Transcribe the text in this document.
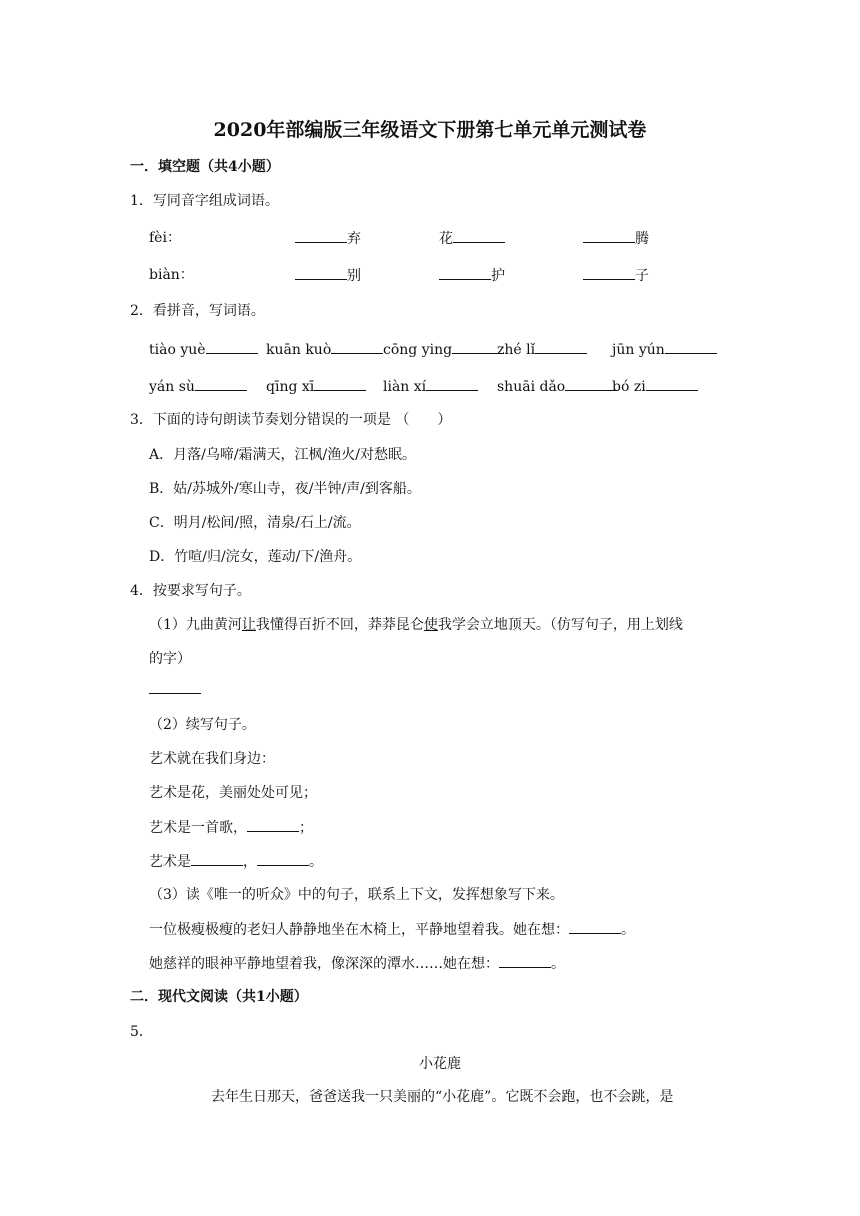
2020年部编版三年级语文下册第七单元单元测试卷
一．填空题（共4小题）
1．写同音字组成词语。
fèi：	弃	花	腾
biàn：	别	护	子
2．看拼音，写词语。
tiào yuè	kuān kuò	cōng ying	zhé lǐ	jūn yún
yán sù	qīng xī	liàn xí	shuāi dǎo	bó zi
3．下面的诗句朗读节奏划分错误的一项是 （　　）
A．月落/乌啼/霜满天，江枫/渔火/对愁眠。
B．姑/苏城外/寒山寺，夜/半钟/声/到客船。
C．明月/松间/照，清泉/石上/流。
D．竹喧/归/浣女，莲动/下/渔舟。
4．按要求写句子。
（1）九曲黄河让我懂得百折不回，莽莽昆仑使我学会立地顶天。（仿写句子，用上划线
的字）
（2）续写句子。
艺术就在我们身边：
艺术是花，美丽处处可见；
艺术是一首歌，	；
艺术是	，	。
（3）读《唯一的听众》中的句子，联系上下文，发挥想象写下来。
一位极瘦极瘦的老妇人静静地坐在木椅上，平静地望着我。她在想：	。
她慈祥的眼神平静地望着我，像深深的潭水……她在想：	。
二．现代文阅读（共1小题）
5．
小花鹿
去年生日那天，爸爸送我一只美丽的“小花鹿”。它既不会跑，也不会跳，是
